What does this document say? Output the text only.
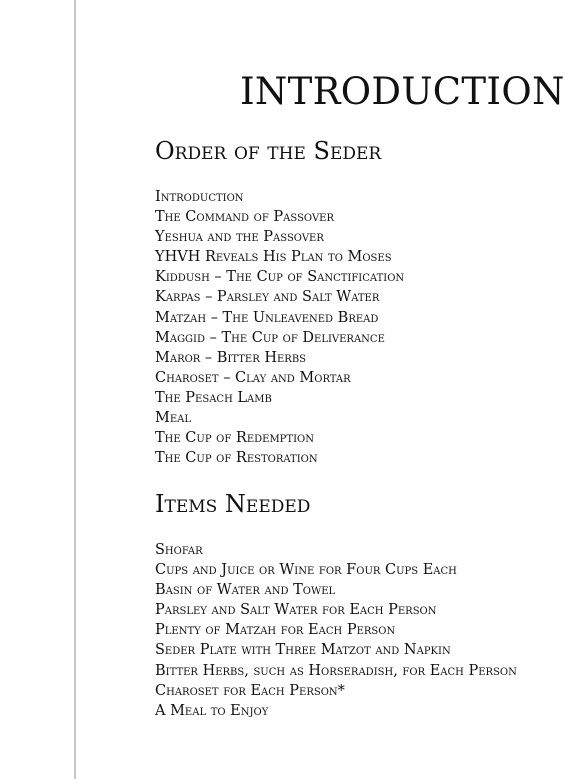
INTRODUCTION
Order of the Seder
Introduction
The Command of Passover
Yeshua and the Passover
YHVH Reveals His Plan to Moses
Kiddush – The Cup of Sanctification
Karpas – Parsley and Salt Water
Matzah – The Unleavened Bread
Maggid – The Cup of Deliverance
Maror – Bitter Herbs
Charoset – Clay and Mortar
The Pesach Lamb
Meal
The Cup of Redemption
The Cup of Restoration
Items Needed
Shofar
Cups and Juice or Wine for Four Cups Each
Basin of Water and Towel
Parsley and Salt Water for Each Person
Plenty of Matzah for Each Person
Seder Plate with Three Matzot and Napkin
Bitter Herbs, such as Horseradish, for Each Person
Charoset for Each Person*
A Meal to Enjoy
